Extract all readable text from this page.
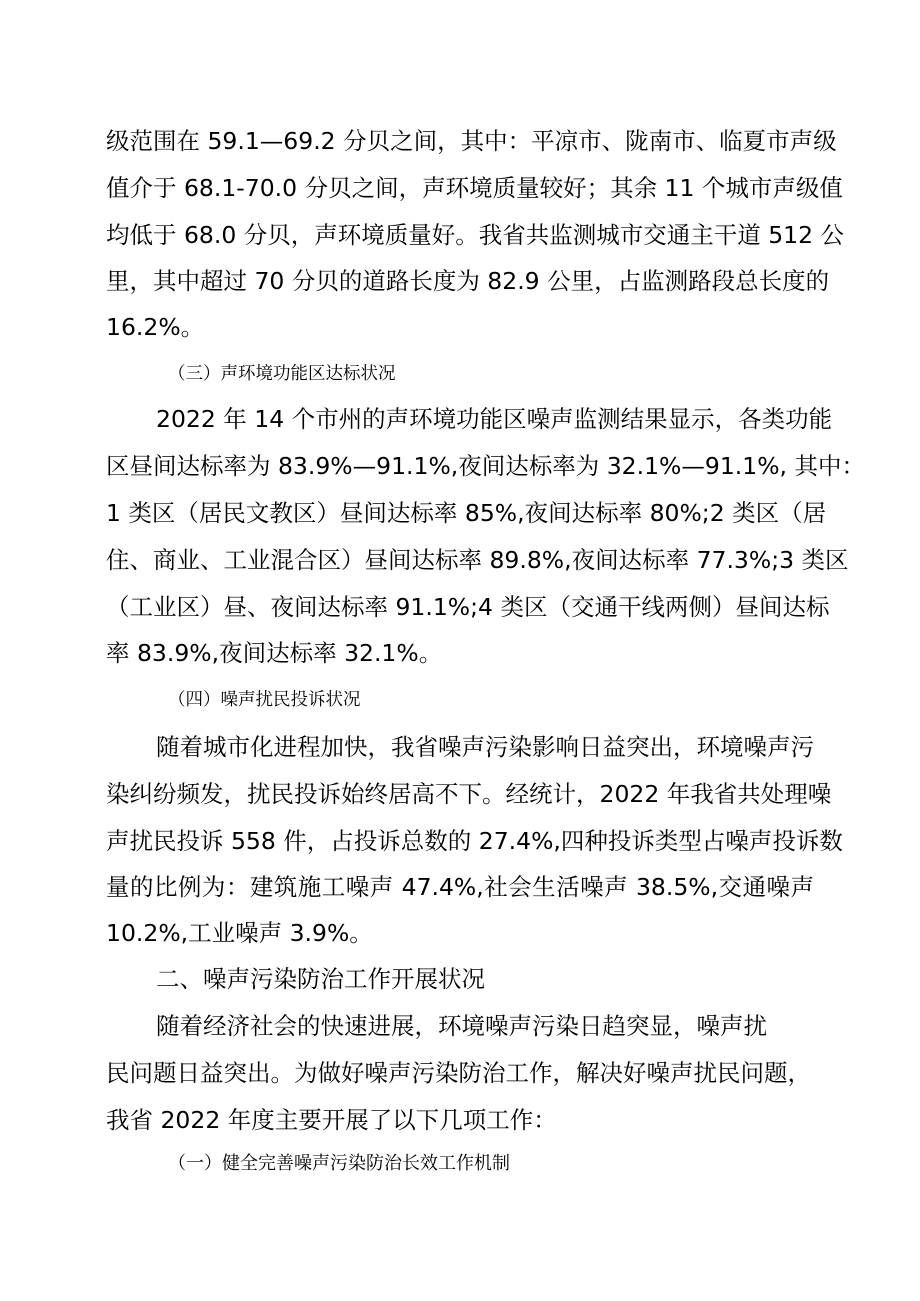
级范围在 59.1—69.2 分贝之间，其中：平凉市、陇南市、临夏市声级
值介于 68.1-70.0 分贝之间，声环境质量较好；其余 11 个城市声级值
均低于 68.0 分贝，声环境质量好。我省共监测城市交通主干道 512 公
里，其中超过 70 分贝的道路长度为 82.9 公里，占监测路段总长度的
16.2%。
（三）声环境功能区达标状况
2022 年 14 个市州的声环境功能区噪声监测结果显示，各类功能
区昼间达标率为 83.9%—91.1%,夜间达标率为 32.1%—91.1%, 其中：
1 类区（居民文教区）昼间达标率 85%,夜间达标率 80%;2 类区（居
住、商业、工业混合区）昼间达标率 89.8%,夜间达标率 77.3%;3 类区
（工业区）昼、夜间达标率 91.1%;4 类区（交通干线两侧）昼间达标
率 83.9%,夜间达标率 32.1%。
（四）噪声扰民投诉状况
随着城市化进程加快，我省噪声污染影响日益突出，环境噪声污
染纠纷频发，扰民投诉始终居高不下。经统计，2022 年我省共处理噪
声扰民投诉 558 件，占投诉总数的 27.4%,四种投诉类型占噪声投诉数
量的比例为：建筑施工噪声 47.4%,社会生活噪声 38.5%,交通噪声
10.2%,工业噪声 3.9%。
二、噪声污染防治工作开展状况
随着经济社会的快速进展，环境噪声污染日趋突显，噪声扰
民问题日益突出。为做好噪声污染防治工作，解决好噪声扰民问题，
我省 2022 年度主要开展了以下几项工作：
（一）健全完善噪声污染防治长效工作机制
